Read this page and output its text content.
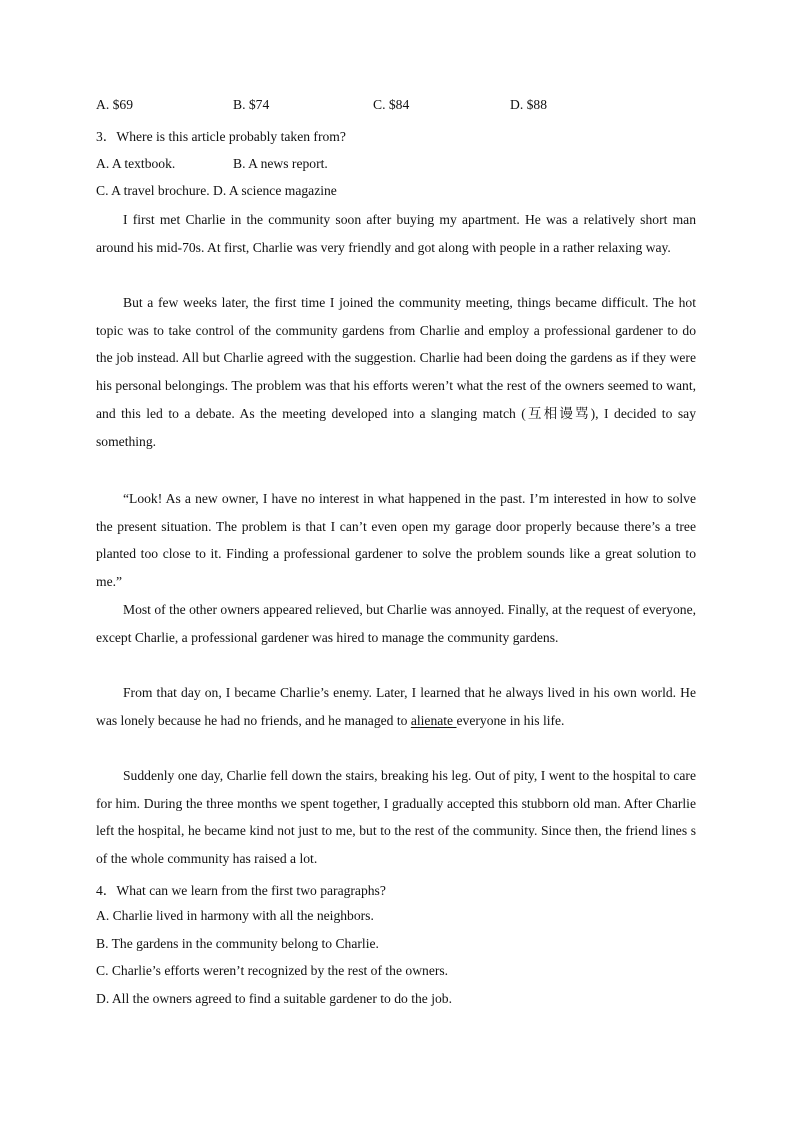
A. $69	B. $74	C. $84	D. $88
3．Where is this article probably taken from?
A. A textbook.	B. A news report.
C. A travel brochure. D. A science magazine
I first met Charlie in the community soon after buying my apartment. He was a relatively short man around his mid-70s. At first, Charlie was very friendly and got along with people in a rather relaxing way.
But a few weeks later, the first time I joined the community meeting, things became difficult. The hot topic was to take control of the community gardens from Charlie and employ a professional gardener to do the job instead. All but Charlie agreed with the suggestion. Charlie had been doing the gardens as if they were his personal belongings. The problem was that his efforts weren’t what the rest of the owners seemed to want, and this led to a debate. As the meeting developed into a slanging match (互相谩骂), I decided to say something.
“Look! As a new owner, I have no interest in what happened in the past. I’m interested in how to solve the present situation. The problem is that I can’t even open my garage door properly because there’s a tree planted too close to it. Finding a professional gardener to solve the problem sounds like a great solution to me.”
Most of the other owners appeared relieved, but Charlie was annoyed. Finally, at the request of everyone, except Charlie, a professional gardener was hired to manage the community gardens.
From that day on, I became Charlie’s enemy. Later, I learned that he always lived in his own world. He was lonely because he had no friends, and he managed to alienate everyone in his life.
Suddenly one day, Charlie fell down the stairs, breaking his leg. Out of pity, I went to the hospital to care for him. During the three months we spent together, I gradually accepted this stubborn old man. After Charlie left the hospital, he became kind not just to me, but to the rest of the community. Since then, the friend lines s of the whole community has raised a lot.
4．What can we learn from the first two paragraphs?
A. Charlie lived in harmony with all the neighbors.
B. The gardens in the community belong to Charlie.
C. Charlie’s efforts weren’t recognized by the rest of the owners.
D. All the owners agreed to find a suitable gardener to do the job.
